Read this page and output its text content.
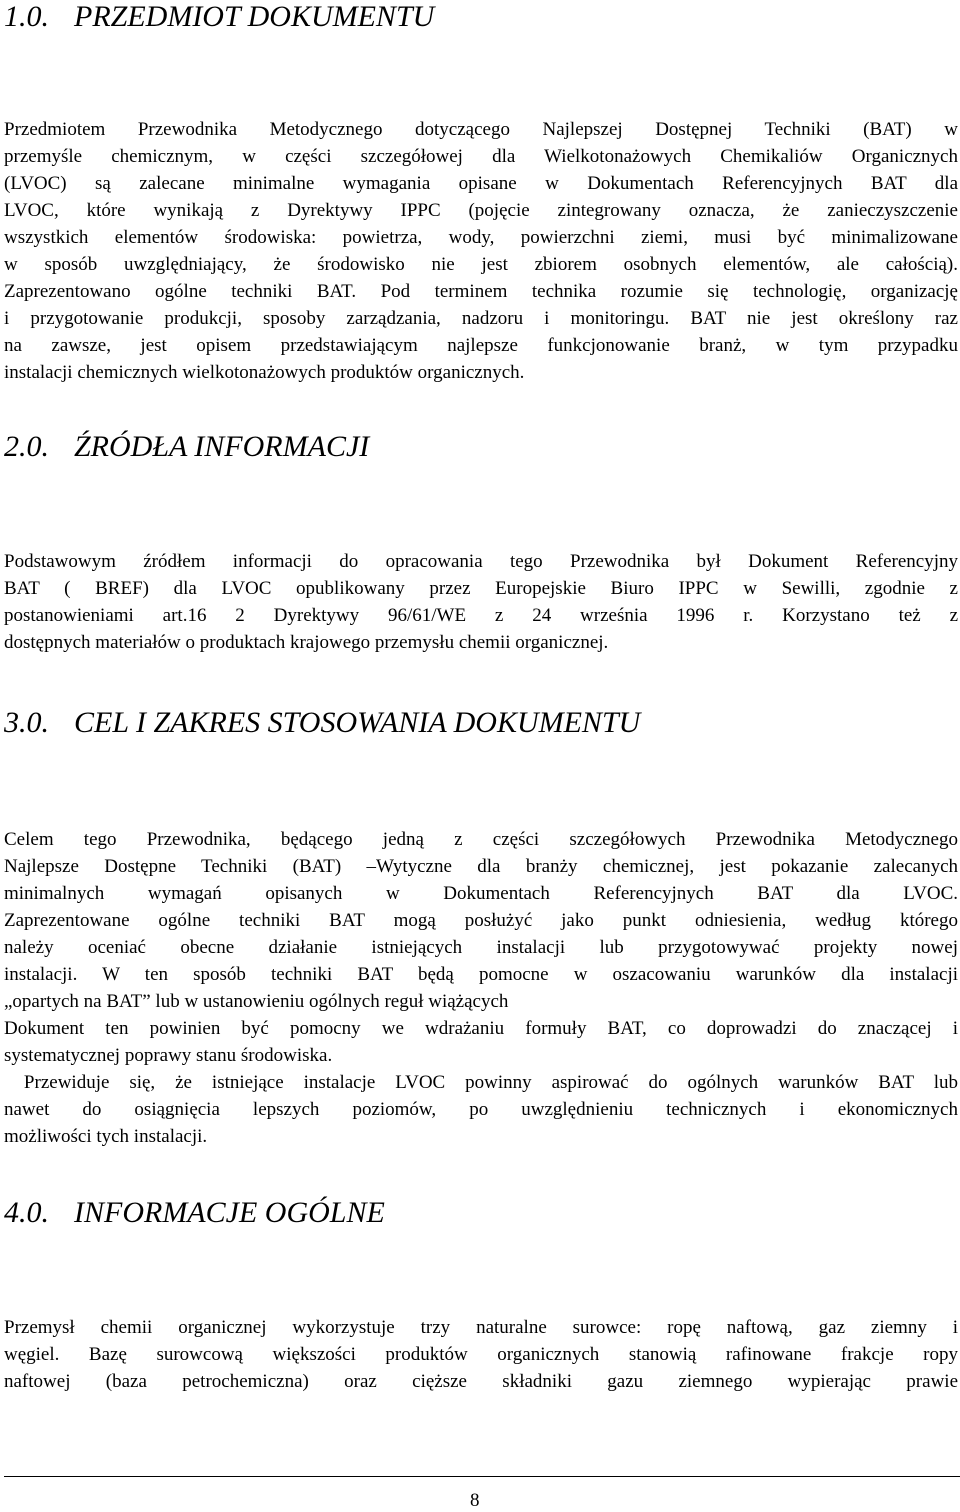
1.0. PRZEDMIOT DOKUMENTU
Przedmiotem Przewodnika Metodycznego dotyczącego Najlepszej Dostępnej Techniki (BAT) w
przemyśle chemicznym, w części szczegółowej dla Wielkotonażowych Chemikaliów Organicznych
(LVOC) są zalecane minimalne wymagania opisane w Dokumentach Referencyjnych BAT dla
LVOC, które wynikają z Dyrektywy IPPC (pojęcie zintegrowany oznacza, że zanieczyszczenie
wszystkich elementów środowiska: powietrza, wody, powierzchni ziemi, musi być minimalizowane
w sposób uwzględniający, że środowisko nie jest zbiorem osobnych elementów, ale całością).
Zaprezentowano ogólne techniki BAT. Pod terminem technika rozumie się technologię, organizację
i przygotowanie produkcji, sposoby zarządzania, nadzoru i monitoringu. BAT nie jest określony raz
na zawsze, jest opisem przedstawiającym najlepsze funkcjonowanie branż, w tym przypadku
instalacji chemicznych wielkotonażowych produktów organicznych.
2.0. ŹRÓDŁA INFORMACJI
Podstawowym źródłem informacji do opracowania tego Przewodnika był Dokument Referencyjny
BAT ( BREF) dla LVOC opublikowany przez Europejskie Biuro IPPC w Sewilli, zgodnie z
postanowieniami art.16 2 Dyrektywy 96/61/WE z 24 września 1996 r. Korzystano też z
dostępnych materiałów o produktach krajowego przemysłu chemii organicznej.
3.0. CEL I ZAKRES STOSOWANIA DOKUMENTU
Celem tego Przewodnika, będącego jedną z części szczegółowych Przewodnika Metodycznego
Najlepsze Dostępne Techniki (BAT) –Wytyczne dla branży chemicznej, jest pokazanie zalecanych
minimalnych wymagań opisanych w Dokumentach Referencyjnych BAT dla LVOC.
Zaprezentowane ogólne techniki BAT mogą posłużyć jako punkt odniesienia, według którego
należy oceniać obecne działanie istniejących instalacji lub przygotowywać projekty nowej
instalacji. W ten sposób techniki BAT będą pomocne w oszacowaniu warunków dla instalacji
„opartych na BAT” lub w ustanowieniu ogólnych reguł wiążących
Dokument ten powinien być pomocny we wdrażaniu formuły BAT, co doprowadzi do znaczącej i
systematycznej poprawy stanu środowiska.
Przewiduje się, że istniejące instalacje LVOC powinny aspirować do ogólnych warunków BAT lub
nawet do osiągnięcia lepszych poziomów, po uwzględnieniu technicznych i ekonomicznych
możliwości tych instalacji.
4.0. INFORMACJE OGÓLNE
Przemysł chemii organicznej wykorzystuje trzy naturalne surowce: ropę naftową, gaz ziemny i
węgiel. Bazę surowcową większości produktów organicznych stanowią rafinowane frakcje ropy
naftowej (baza petrochemiczna) oraz cięższe składniki gazu ziemnego wypierając prawie

8
